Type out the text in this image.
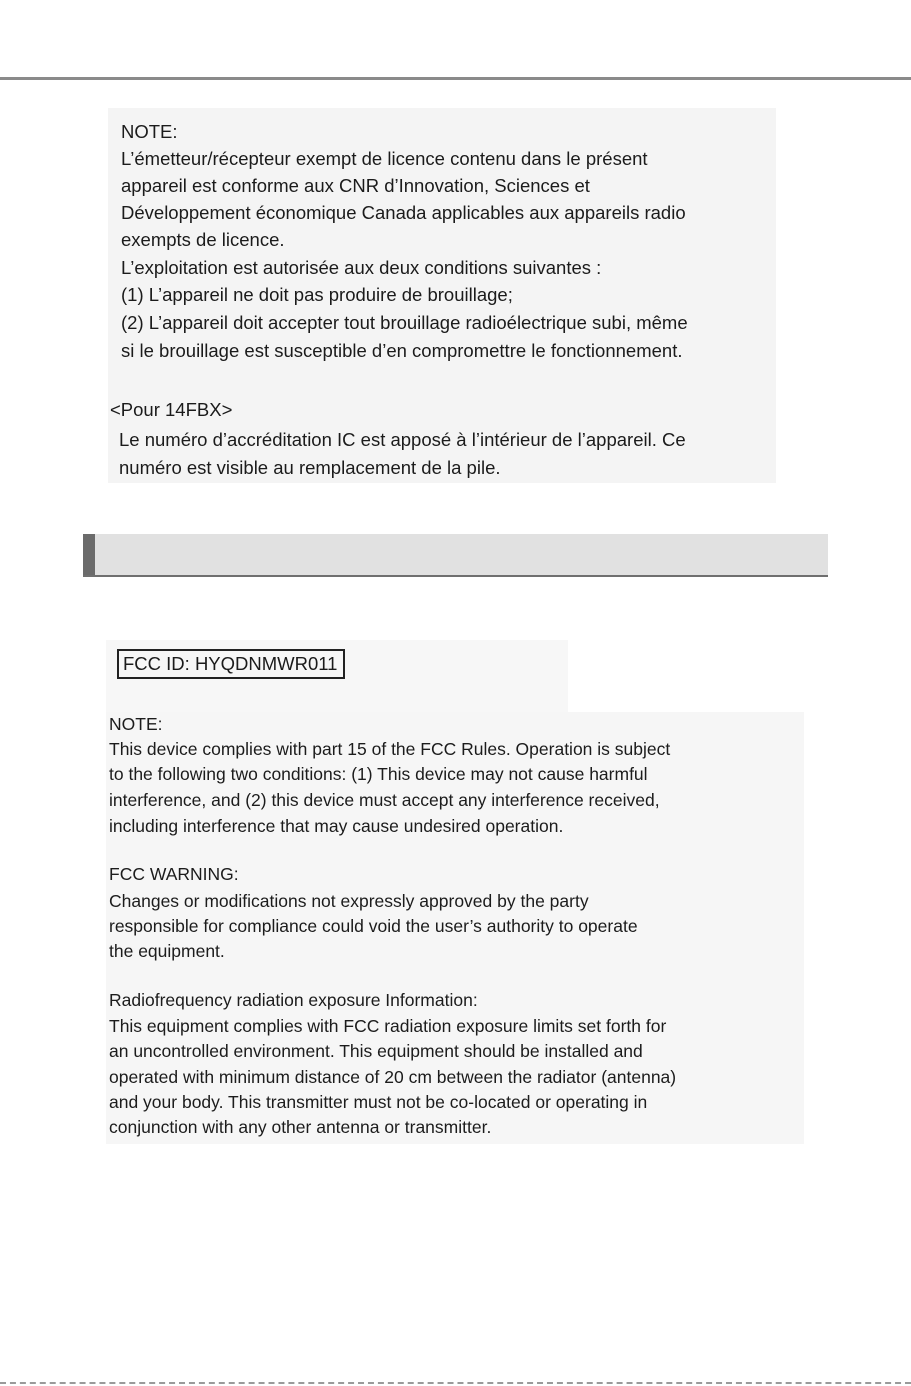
NOTE:
L’émetteur/récepteur exempt de licence contenu dans le présent
appareil est conforme aux CNR d’Innovation, Sciences et
Développement économique Canada applicables aux appareils radio
exempts de licence.
L’exploitation est autorisée aux deux conditions suivantes :
(1) L’appareil ne doit pas produire de brouillage;
(2) L’appareil doit accepter tout brouillage radioélectrique subi, même
si le brouillage est susceptible d’en compromettre le fonctionnement.
<Pour 14FBX>
Le numéro d’accréditation IC est apposé à l’intérieur de l’appareil. Ce
numéro est visible au remplacement de la pile.
FCC ID: HYQDNMWR011
NOTE:
This device complies with part 15 of the FCC Rules. Operation is subject
to the following two conditions: (1) This device may not cause harmful
interference, and (2) this device must accept any interference received,
including interference that may cause undesired operation.
FCC WARNING:
Changes or modifications not expressly approved by the party
responsible for compliance could void the user’s authority to operate
the equipment.
Radiofrequency radiation exposure Information:
This equipment complies with FCC radiation exposure limits set forth for
an uncontrolled environment. This equipment should be installed and
operated with minimum distance of 20 cm between the radiator (antenna)
and your body. This transmitter must not be co-located or operating in
conjunction with any other antenna or transmitter.
